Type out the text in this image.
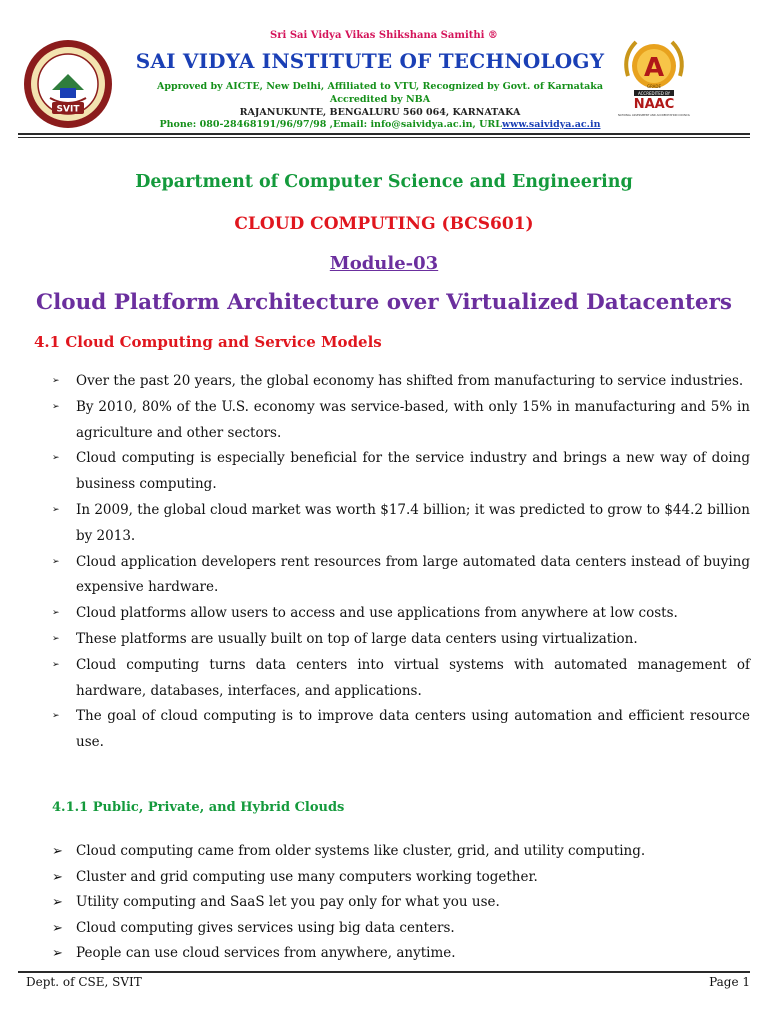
SVIT
A
GRADE
ACCREDITED BY
NAAC
NATIONAL ASSESSMENT AND ACCREDITATION COUNCIL
Sri Sai Vidya Vikas Shikshana Samithi ®
SAI VIDYA INSTITUTE OF TECHNOLOGY
Approved by AICTE, New Delhi, Affiliated to VTU, Recognized by Govt. of Karnataka
Accredited by NBA
RAJANUKUNTE, BENGALURU 560 064, KARNATAKA
Phone: 080-28468191/96/97/98 ,Email: info@saividya.ac.in, URLwww.saividya.ac.in
Department of Computer Science and Engineering
CLOUD COMPUTING (BCS601)
Module-03
Cloud Platform Architecture over Virtualized Datacenters
4.1 Cloud Computing and Service Models
➢ Over the past 20 years, the global economy has shifted from manufacturing to service industries.
➢ By 2010, 80% of the U.S. economy was service-based, with only 15% in manufacturing and 5% in agriculture and other sectors.
➢ Cloud computing is especially beneficial for the service industry and brings a new way of doing business computing.
➢ In 2009, the global cloud market was worth $17.4 billion; it was predicted to grow to $44.2 billion by 2013.
➢ Cloud application developers rent resources from large automated data centers instead of buying expensive hardware.
➢ Cloud platforms allow users to access and use applications from anywhere at low costs.
➢ These platforms are usually built on top of large data centers using virtualization.
➢ Cloud computing turns data centers into virtual systems with automated management of hardware, databases, interfaces, and applications.
➢ The goal of cloud computing is to improve data centers using automation and efficient resource use.
4.1.1 Public, Private, and Hybrid Clouds
➢ Cloud computing came from older systems like cluster, grid, and utility computing.
➢ Cluster and grid computing use many computers working together.
➢ Utility computing and SaaS let you pay only for what you use.
➢ Cloud computing gives services using big data centers.
➢ People can use cloud services from anywhere, anytime.
Dept. of CSE, SVIT	Page 1
